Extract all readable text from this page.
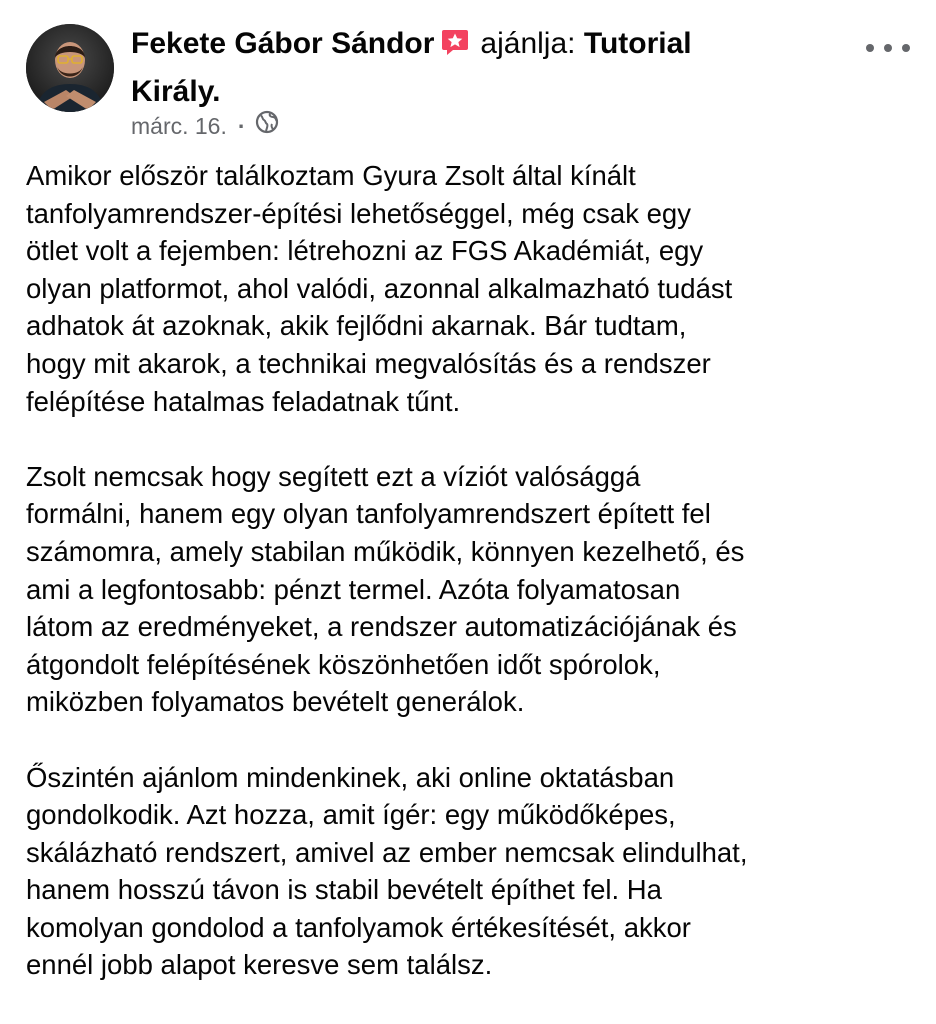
Fekete Gábor Sándor ajánlja: Tutorial
Király.
márc. 16. ·

Amikor először találkoztam Gyura Zsolt által kínált
tanfolyamrendszer-építési lehetőséggel, még csak egy
ötlet volt a fejemben: létrehozni az FGS Akadémiát, egy
olyan platformot, ahol valódi, azonnal alkalmazható tudást
adhatok át azoknak, akik fejlődni akarnak. Bár tudtam,
hogy mit akarok, a technikai megvalósítás és a rendszer
felépítése hatalmas feladatnak tűnt.

Zsolt nemcsak hogy segített ezt a víziót valósággá
formálni, hanem egy olyan tanfolyamrendszert épített fel
számomra, amely stabilan működik, könnyen kezelhető, és
ami a legfontosabb: pénzt termel. Azóta folyamatosan
látom az eredményeket, a rendszer automatizációjának és
átgondolt felépítésének köszönhetően időt spórolok,
miközben folyamatos bevételt generálok.

Őszintén ajánlom mindenkinek, aki online oktatásban
gondolkodik. Azt hozza, amit ígér: egy működőképes,
skálázható rendszert, amivel az ember nemcsak elindulhat,
hanem hosszú távon is stabil bevételt építhet fel. Ha
komolyan gondolod a tanfolyamok értékesítését, akkor
ennél jobb alapot keresve sem találsz.
